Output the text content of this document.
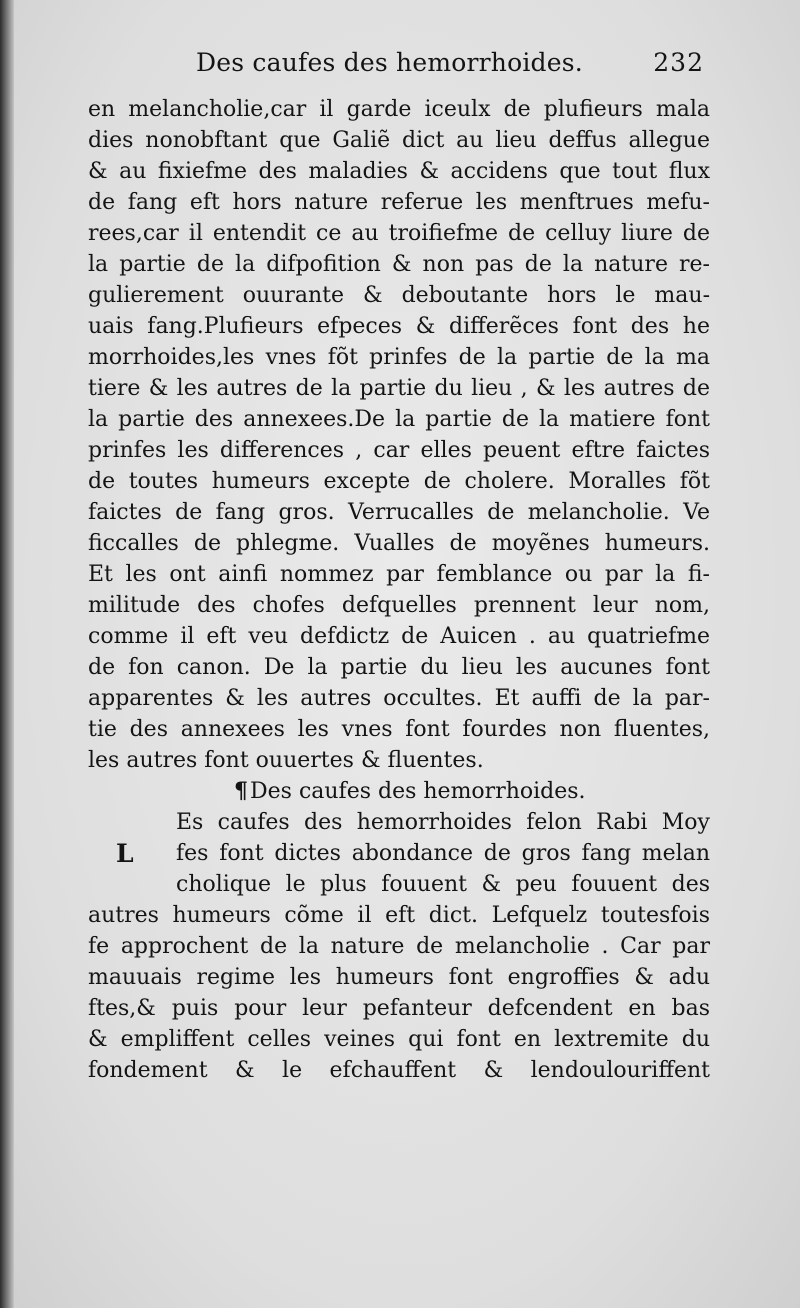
Des caufes des hemorrhoides.	232
en melancholie,car il garde iceulx de plufieurs mala
dies nonobftant que Galiẽ dict au lieu deffus allegue
& au fixiefme des maladies & accidens que tout flux
de fang eft hors nature referue les menftrues mefu-
rees,car il entendit ce au troifiefme de celluy liure de
la partie de la difpofition & non pas de la nature re-
gulierement ouurante & deboutante hors le mau-
uais fang.Plufieurs efpeces & differẽces font des he
morrhoides,les vnes fõt prinfes de la partie de la ma
tiere & les autres de la partie du lieu , & les autres de
la partie des annexees.De la partie de la matiere font
prinfes les differences , car elles peuent eftre faictes
de toutes humeurs excepte de cholere. Moralles fõt
faictes de fang gros. Verrucalles de melancholie. Ve
ficcalles de phlegme. Vualles de moyẽnes humeurs.
Et les ont ainfi nommez par femblance ou par la fi-
militude des chofes defquelles prennent leur nom,
comme il eft veu defdictz de Auicen . au quatriefme
de fon canon. De la partie du lieu les aucunes font
apparentes & les autres occultes. Et auffi de la par-
tie des annexees les vnes font fourdes non fluentes,
les autres font ouuertes & fluentes.
¶Des caufes des hemorrhoides.
Es caufes des hemorrhoides felon Rabi Moy
L fes font dictes abondance de gros fang melan
cholique le plus fouuent & peu fouuent des
autres humeurs cõme il eft dict. Lefquelz toutesfois
fe approchent de la nature de melancholie . Car par
mauuais regime les humeurs font engroffies & adu
ftes,& puis pour leur pefanteur defcendent en bas
& empliffent celles veines qui font en lextremite du
fondement & le efchauffent & lendoulouriffent
